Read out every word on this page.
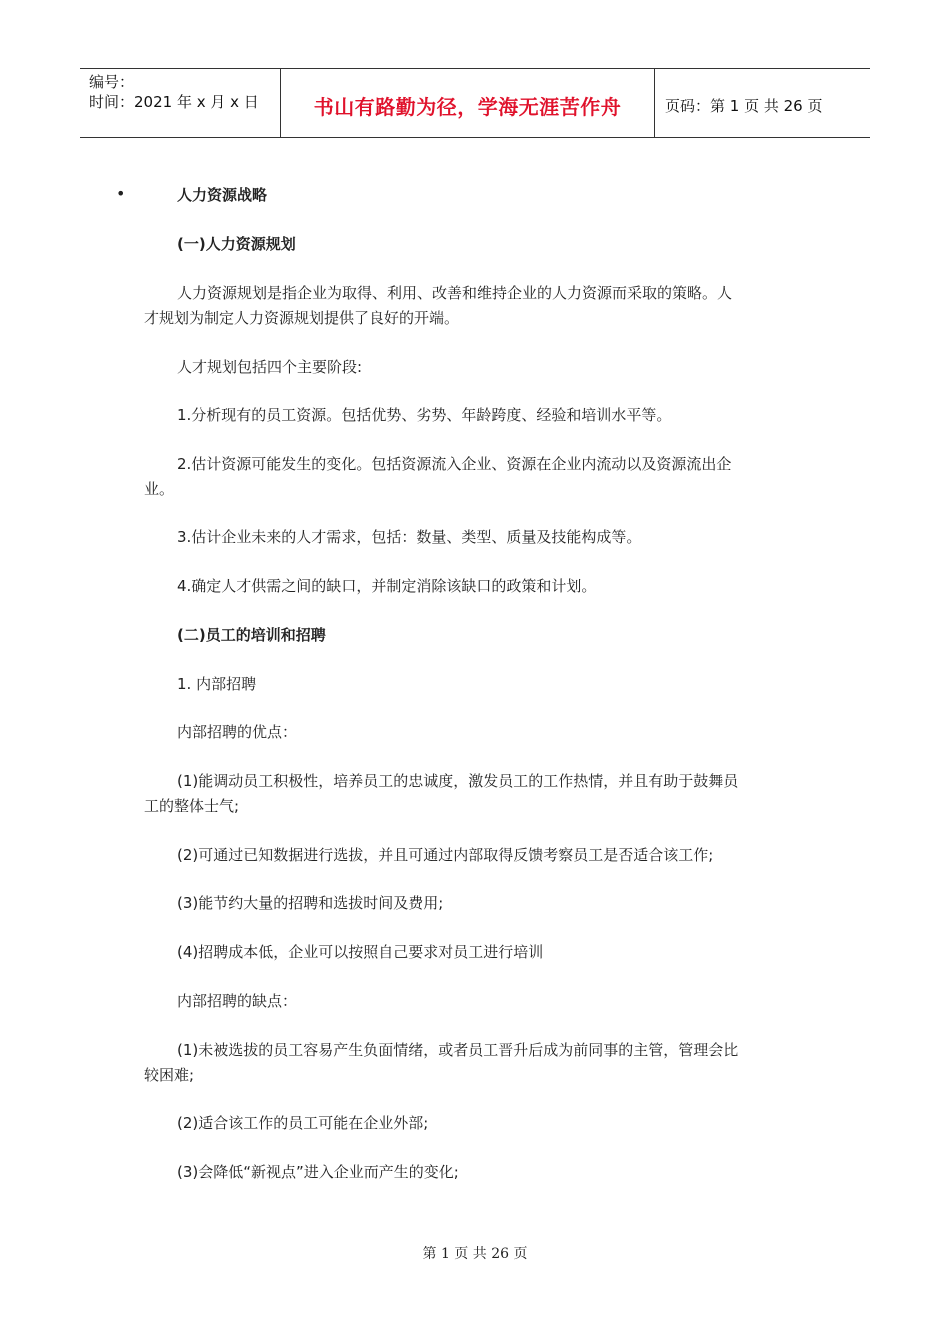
编号：
时间：2021 年 x 月 x 日	书山有路勤为径，学海无涯苦作舟	页码：第 1 页 共 26 页
•	人力资源战略
(一)人力资源规划
人力资源规划是指企业为取得、利用、改善和维持企业的人力资源而采取的策略。人
才规划为制定人力资源规划提供了良好的开端。
人才规划包括四个主要阶段:
1.分析现有的员工资源。包括优势、劣势、年龄跨度、经验和培训水平等。
2.估计资源可能发生的变化。包括资源流入企业、资源在企业内流动以及资源流出企
业。
3.估计企业未来的人才需求，包括：数量、类型、质量及技能构成等。
4.确定人才供需之间的缺口，并制定消除该缺口的政策和计划。
(二)员工的培训和招聘
1. 内部招聘
内部招聘的优点：
(1)能调动员工积极性，培养员工的忠诚度，激发员工的工作热情，并且有助于鼓舞员
工的整体士气;
(2)可通过已知数据进行选拔，并且可通过内部取得反馈考察员工是否适合该工作;
(3)能节约大量的招聘和选拔时间及费用;
(4)招聘成本低，企业可以按照自己要求对员工进行培训
内部招聘的缺点：
(1)未被选拔的员工容易产生负面情绪，或者员工晋升后成为前同事的主管，管理会比
较困难;
(2)适合该工作的员工可能在企业外部;
(3)会降低“新视点”进入企业而产生的变化;
第 1 页 共 26 页
